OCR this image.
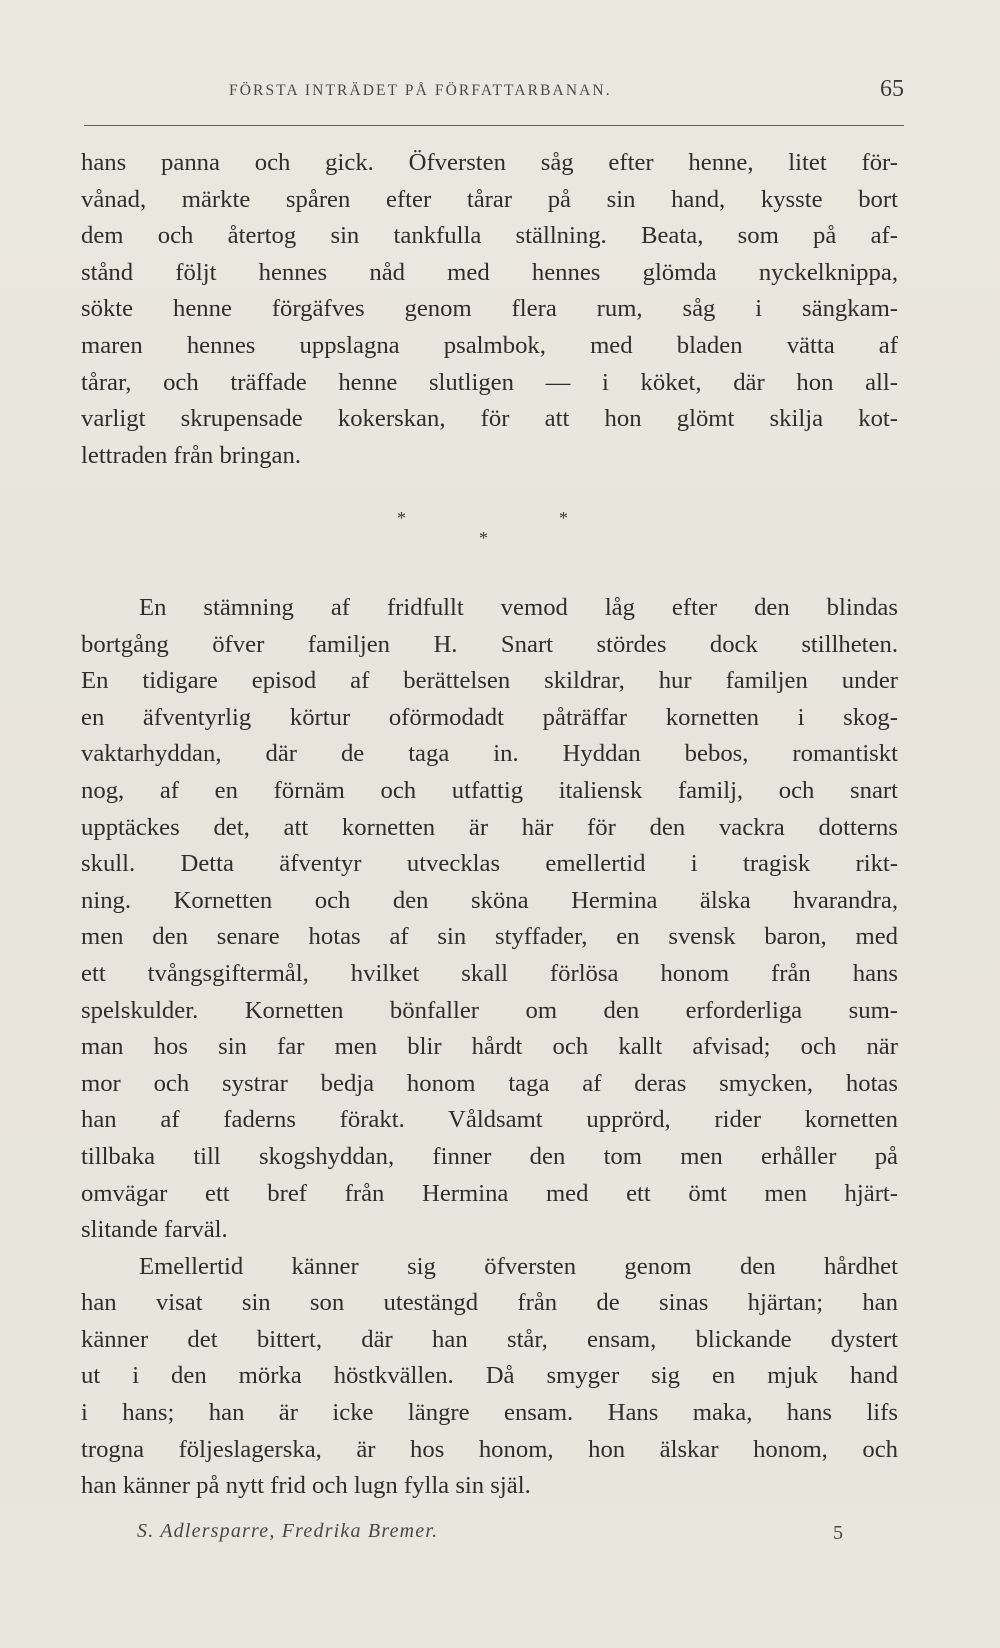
FÖRSTA INTRÄDET PÅ FÖRFATTARBANAN.	65

hans panna och gick. Öfversten såg efter henne, litet för-
vånad, märkte spåren efter tårar på sin hand, kysste bort
dem och återtog sin tankfulla ställning. Beata, som på af-
stånd följt hennes nåd med hennes glömda nyckelknippa,
sökte henne förgäfves genom flera rum, såg i sängkam-
maren hennes uppslagna psalmbok, med bladen vätta af
tårar, och träffade henne slutligen — i köket, där hon all-
varligt skrupensade kokerskan, för att hon glömt skilja kot-
lettraden från bringan.

*	*
*

En stämning af fridfullt vemod låg efter den blindas
bortgång öfver familjen H. Snart stördes dock stillheten.
En tidigare episod af berättelsen skildrar, hur familjen under
en äfventyrlig körtur oförmodadt påträffar kornetten i skog-
vaktarhyddan, där de taga in. Hyddan bebos, romantiskt
nog, af en förnäm och utfattig italiensk familj, och snart
upptäckes det, att kornetten är här för den vackra dotterns
skull. Detta äfventyr utvecklas emellertid i tragisk rikt-
ning. Kornetten och den sköna Hermina älska hvarandra,
men den senare hotas af sin styffader, en svensk baron, med
ett tvångsgiftermål, hvilket skall förlösa honom från hans
spelskulder. Kornetten bönfaller om den erforderliga sum-
man hos sin far men blir hårdt och kallt afvisad; och när
mor och systrar bedja honom taga af deras smycken, hotas
han af faderns förakt. Våldsamt upprörd, rider kornetten
tillbaka till skogshyddan, finner den tom men erhåller på
omvägar ett bref från Hermina med ett ömt men hjärt-
slitande farväl.

Emellertid känner sig öfversten genom den hårdhet
han visat sin son utestängd från de sinas hjärtan; han
känner det bittert, där han står, ensam, blickande dystert
ut i den mörka höstkvällen. Då smyger sig en mjuk hand
i hans; han är icke längre ensam. Hans maka, hans lifs
trogna följeslagerska, är hos honom, hon älskar honom, och
han känner på nytt frid och lugn fylla sin själ.

S. Adlersparre, Fredrika Bremer.	5
